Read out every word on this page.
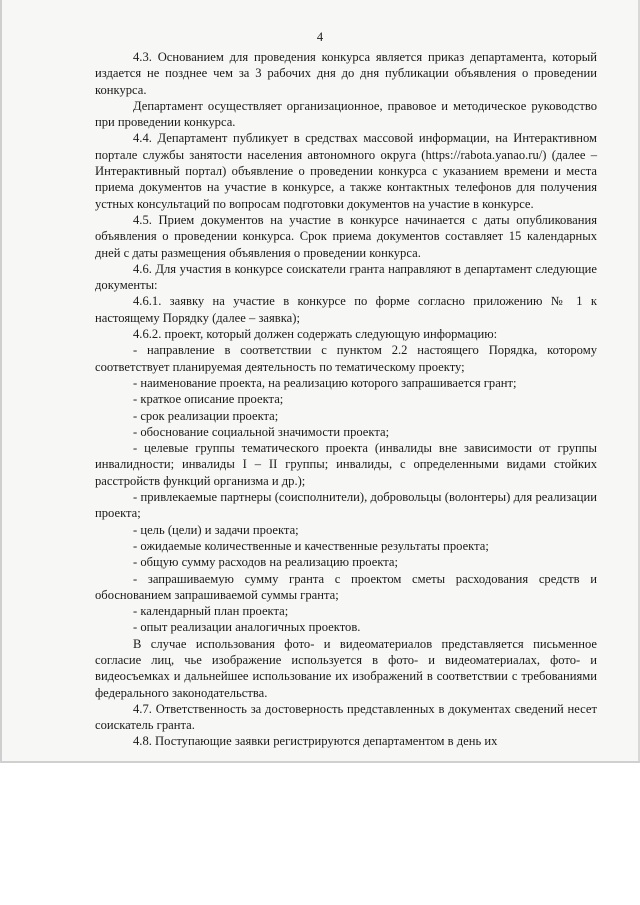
4

4.3. Основанием для проведения конкурса является приказ департамента, который издается не позднее чем за 3 рабочих дня до дня публикации объявления о проведении конкурса.

Департамент осуществляет организационное, правовое и методическое руководство при проведении конкурса.

4.4. Департамент публикует в средствах массовой информации, на Интерактивном портале службы занятости населения автономного округа (https://rabota.yanao.ru/) (далее – Интерактивный портал) объявление о проведении конкурса с указанием времени и места приема документов на участие в конкурсе, а также контактных телефонов для получения устных консультаций по вопросам подготовки документов на участие в конкурсе.

4.5. Прием документов на участие в конкурсе начинается с даты опубликования объявления о проведении конкурса. Срок приема документов составляет 15 календарных дней с даты размещения объявления о проведении конкурса.

4.6. Для участия в конкурсе соискатели гранта направляют в департамент следующие документы:

4.6.1. заявку на участие в конкурсе по форме согласно приложению № 1 к настоящему Порядку (далее – заявка);

4.6.2. проект, который должен содержать следующую информацию:

- направление в соответствии с пунктом 2.2 настоящего Порядка, которому соответствует планируемая деятельность по тематическому проекту;

- наименование проекта, на реализацию которого запрашивается грант;

- краткое описание проекта;

- срок реализации проекта;

- обоснование социальной значимости проекта;

- целевые группы тематического проекта (инвалиды вне зависимости от группы инвалидности; инвалиды I – II группы; инвалиды, с определенными видами стойких расстройств функций организма и др.);

- привлекаемые партнеры (соисполнители), добровольцы (волонтеры) для реализации проекта;

- цель (цели) и задачи проекта;

- ожидаемые количественные и качественные результаты проекта;

- общую сумму расходов на реализацию проекта;

- запрашиваемую сумму гранта с проектом сметы расходования средств и обоснованием запрашиваемой суммы гранта;

- календарный план проекта;

- опыт реализации аналогичных проектов.

В случае использования фото- и видеоматериалов представляется письменное согласие лиц, чье изображение используется в фото- и видеоматериалах, фото- и видеосъемках и дальнейшее использование их изображений в соответствии с требованиями федерального законодательства.

4.7. Ответственность за достоверность представленных в документах сведений несет соискатель гранта.

4.8. Поступающие заявки регистрируются департаментом в день их
